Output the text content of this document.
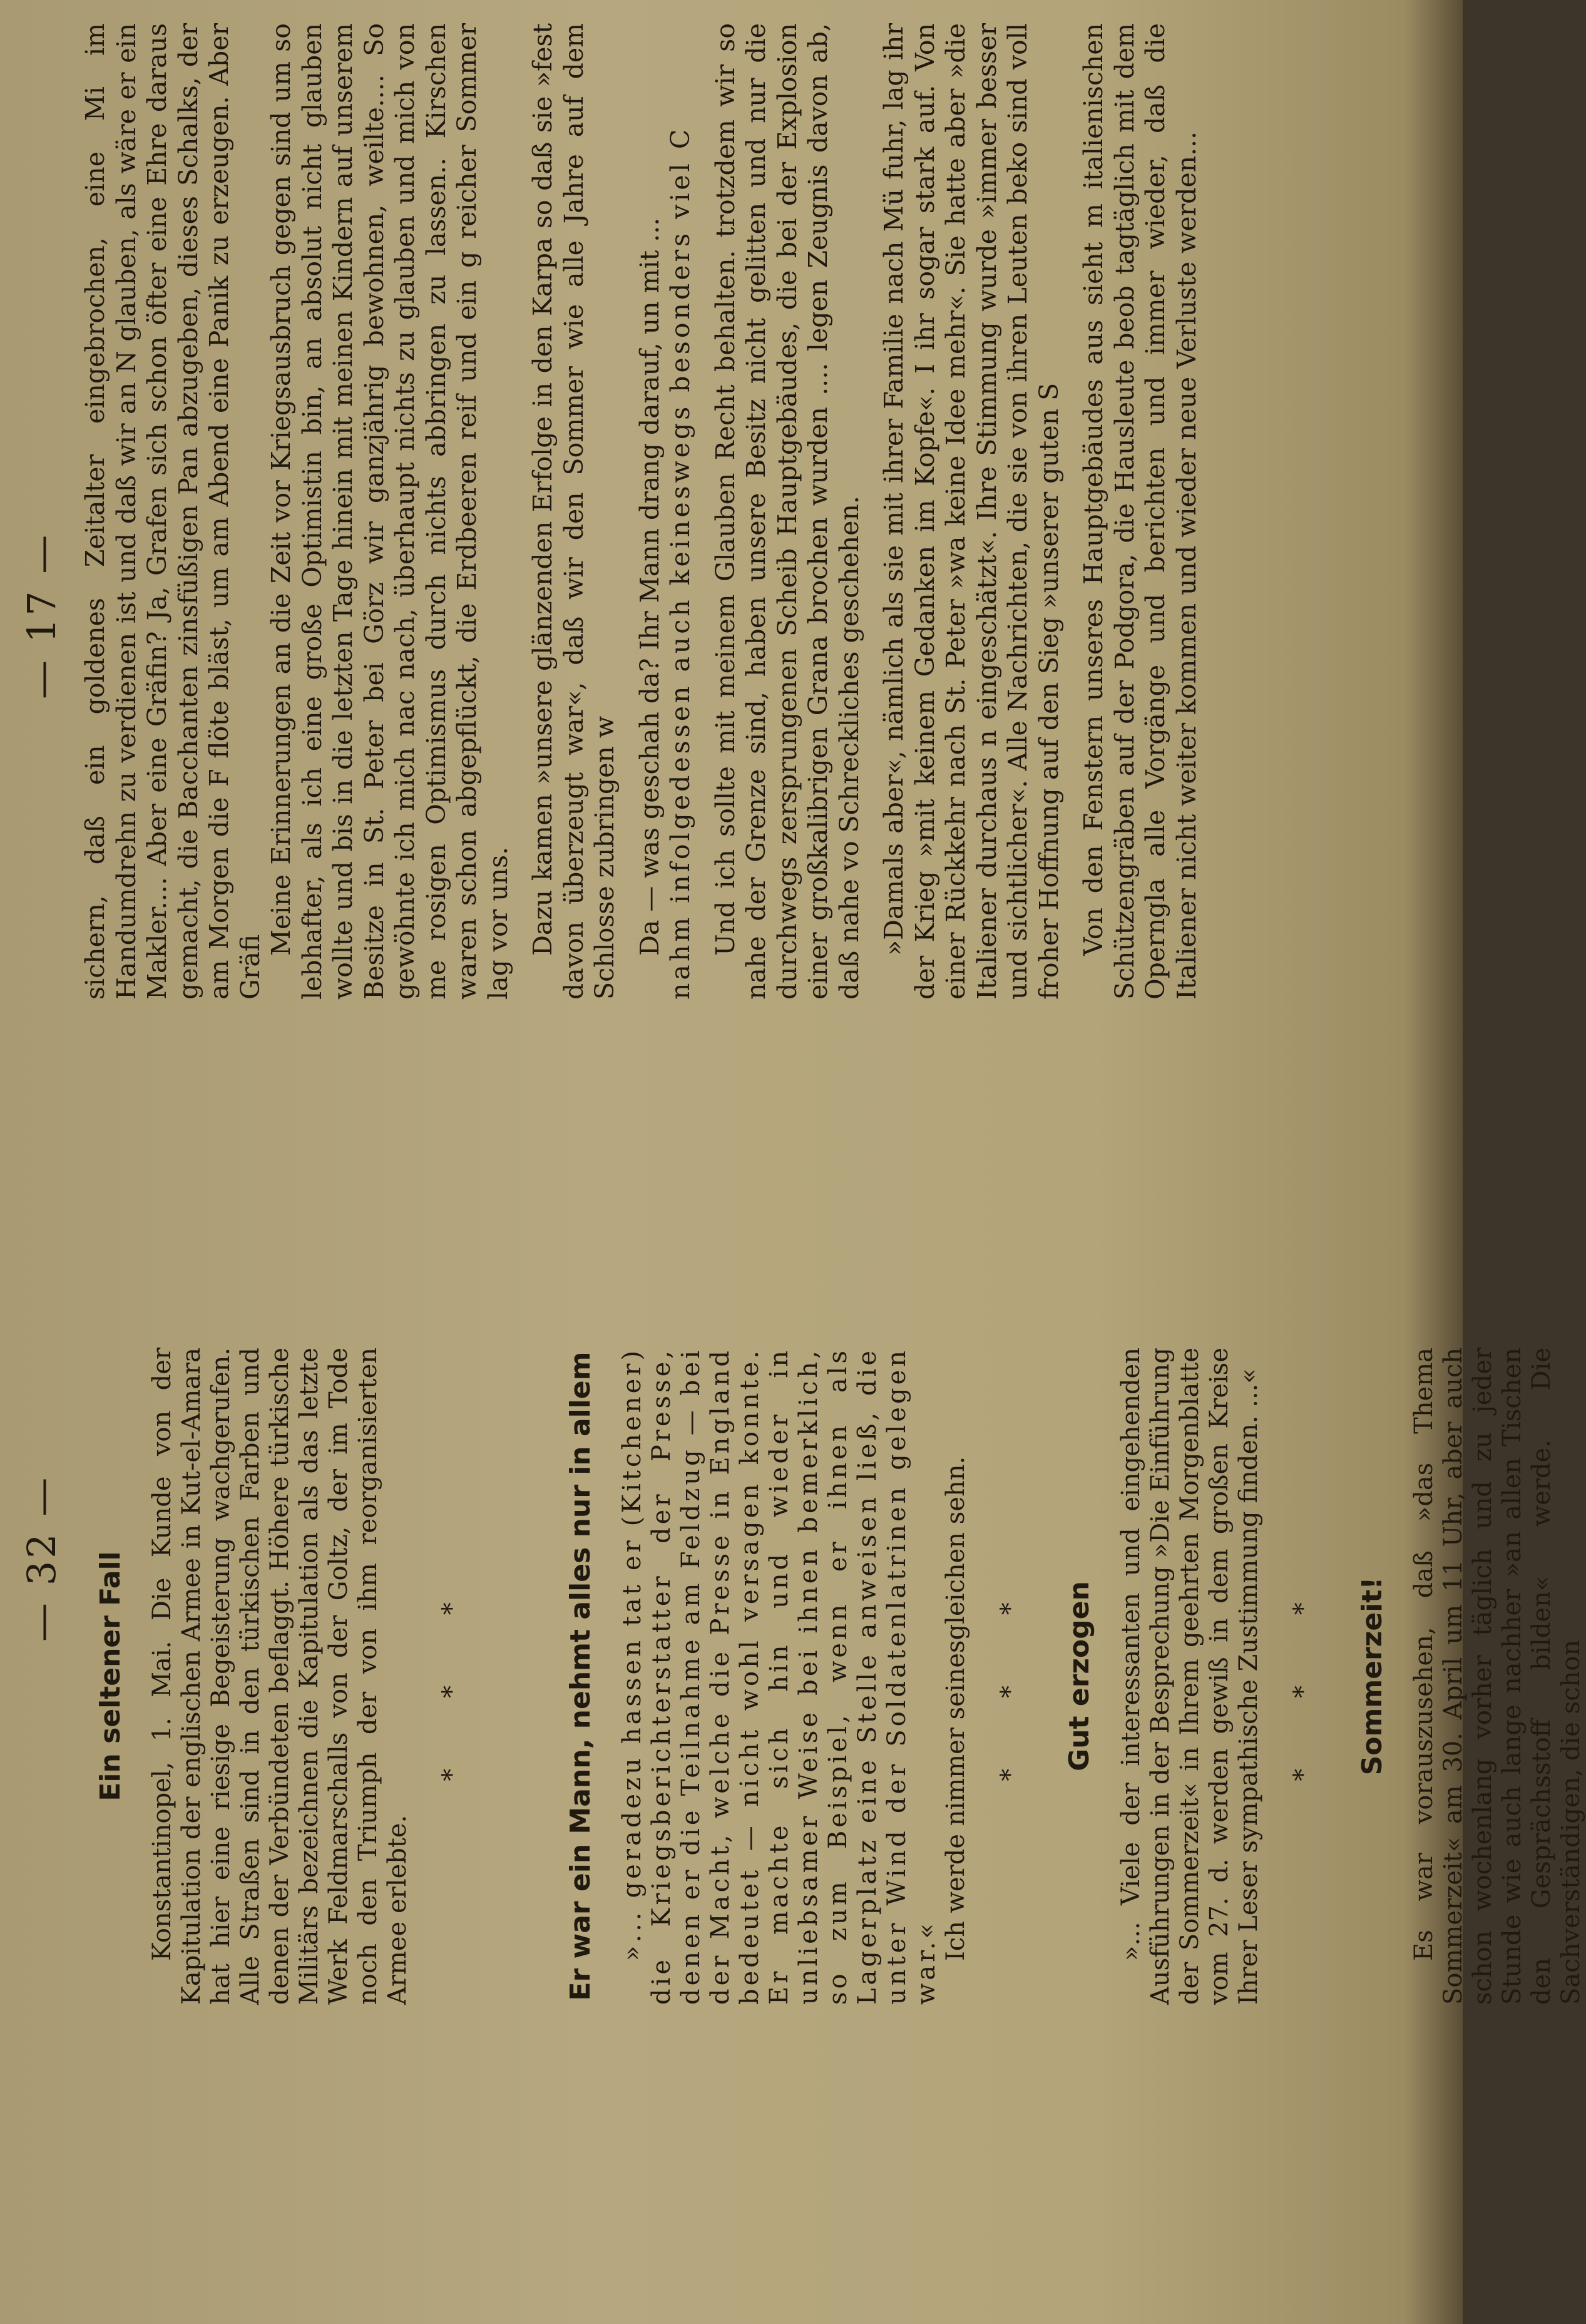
— 32 — Ein seltener Fall Konstantinopel, 1. Mai. Die Kunde von der Kapitulation der englischen Armee in Kut-el-Amara hat hier eine riesige Begeisterung wachgerufen. Alle Straßen sind in den türkischen Farben und denen der Verbündeten beflaggt. Höhere türkische Militärs bezeichnen die Kapitulation als das letzte Werk Feldmarschalls von der Goltz, der im Tode noch den Triumph der von ihm reorganisierten Armee erlebte.

* * *	Er war ein Mann, nehmt alles nur in allem »... geradezu hassen tat er (Kitchener) die Kriegsberichterstatter der Presse, denen er die Teilnahme am Feldzug — bei der Macht, welche die Presse in England bedeutet — nicht wohl versagen konnte. Er machte sich hin und wieder in unliebsamer Weise bei ihnen bemerklich, so zum Beispiel, wenn er ihnen als Lagerplatz eine Stelle anweisen ließ, die unter Wind der Soldatenlatrinen gelegen war.«

Ich werde nimmer seinesgleichen sehn. * * * Gut erzogen »... Viele der interessanten und eingehenden Ausführungen in der Besprechung »Die Einführung der Sommerzeit« in Ihrem geehrten Morgenblatte vom 27. d. werden gewiß in dem großen Kreise Ihrer Leser sympathische Zustimmung finden. ...« * * * Sommerzeit! Es war vorauszusehen, daß »das Thema Sommerzeit« am 30. April um 11 Uhr, aber auch schon wochenlang vorher täglich und zu jeder Stunde wie auch lange nachher »an allen Tischen den Gesprächsstoff bilden« werde. Die Sachverständigen, die schon

— 17 — sichern, daß ein goldenes Zeitalter eingebrochen, eine Mi im Handumdrehn zu verdienen ist und daß wir an N glauben, als wäre er ein Makler.... Aber eine Gräfin? Ja, Grafen sich schon öfter eine Ehre daraus gemacht, die Bacchanten zinsfüßigen Pan abzugeben, dieses Schalks, der am Morgen die F flöte bläst, um am Abend eine Panik zu erzeugen. Aber Gräfi

Meine Erinnerungen an die Zeit vor Kriegsausbruch gegen sind um so lebhafter, als ich eine große Optimistin bin, an absolut nicht glauben wollte und bis in die letzten Tage hinein mit meinen Kindern auf unserem Besitze in St. Peter bei Görz wir ganzjährig bewohnen, weilte.... So gewöhnte ich mich nac nach, überhaupt nichts zu glauben und mich von me rosigen Optimismus durch nichts abbringen zu lassen.. Kirschen waren schon abgepflückt, die Erdbeeren reif und ein g reicher Sommer lag vor uns. Dazu kamen »unsere glänzenden Erfolge in den Karpa so daß sie »fest davon überzeugt war«, daß wir den Sommer wie alle Jahre auf dem Schlosse zubringen w Da — was geschah da? Ihr Mann drang darauf, un mit ... nahm infolgedessen auch keineswegs besonders viel C Und ich sollte mit meinem Glauben Recht behalten. trotzdem wir so nahe der Grenze sind, haben unsere Besitz nicht gelitten und nur die durchwegs zersprungenen Scheib Hauptgebäudes, die bei der Explosion einer großkalibrigen Grana brochen wurden .... legen Zeugnis davon ab, daß nahe vo Schreckliches geschehen. »Damals aber«, nämlich als sie mit ihrer Familie nach Mü fuhr, lag ihr der Krieg »mit keinem Gedanken im Kopfe«. I ihr sogar stark auf. Von einer Rückkehr nach St. Peter »wa keine Idee mehr«. Sie hatte aber »die Italiener durchaus n eingeschätzt«. Ihre Stimmung wurde »immer besser und sichtlicher«. Alle Nachrichten, die sie von ihren Leuten beko sind voll froher Hoffnung auf den Sieg »unserer guten S Von den Fenstern unseres Hauptgebäudes aus sieht m italienischen Schützengräben auf der Podgora, die Hausleute beob tagtäglich mit dem Operngla alle Vorgänge und berichten und immer wieder, daß die Italiener nicht weiter kommen und wieder neue Verluste werden...
